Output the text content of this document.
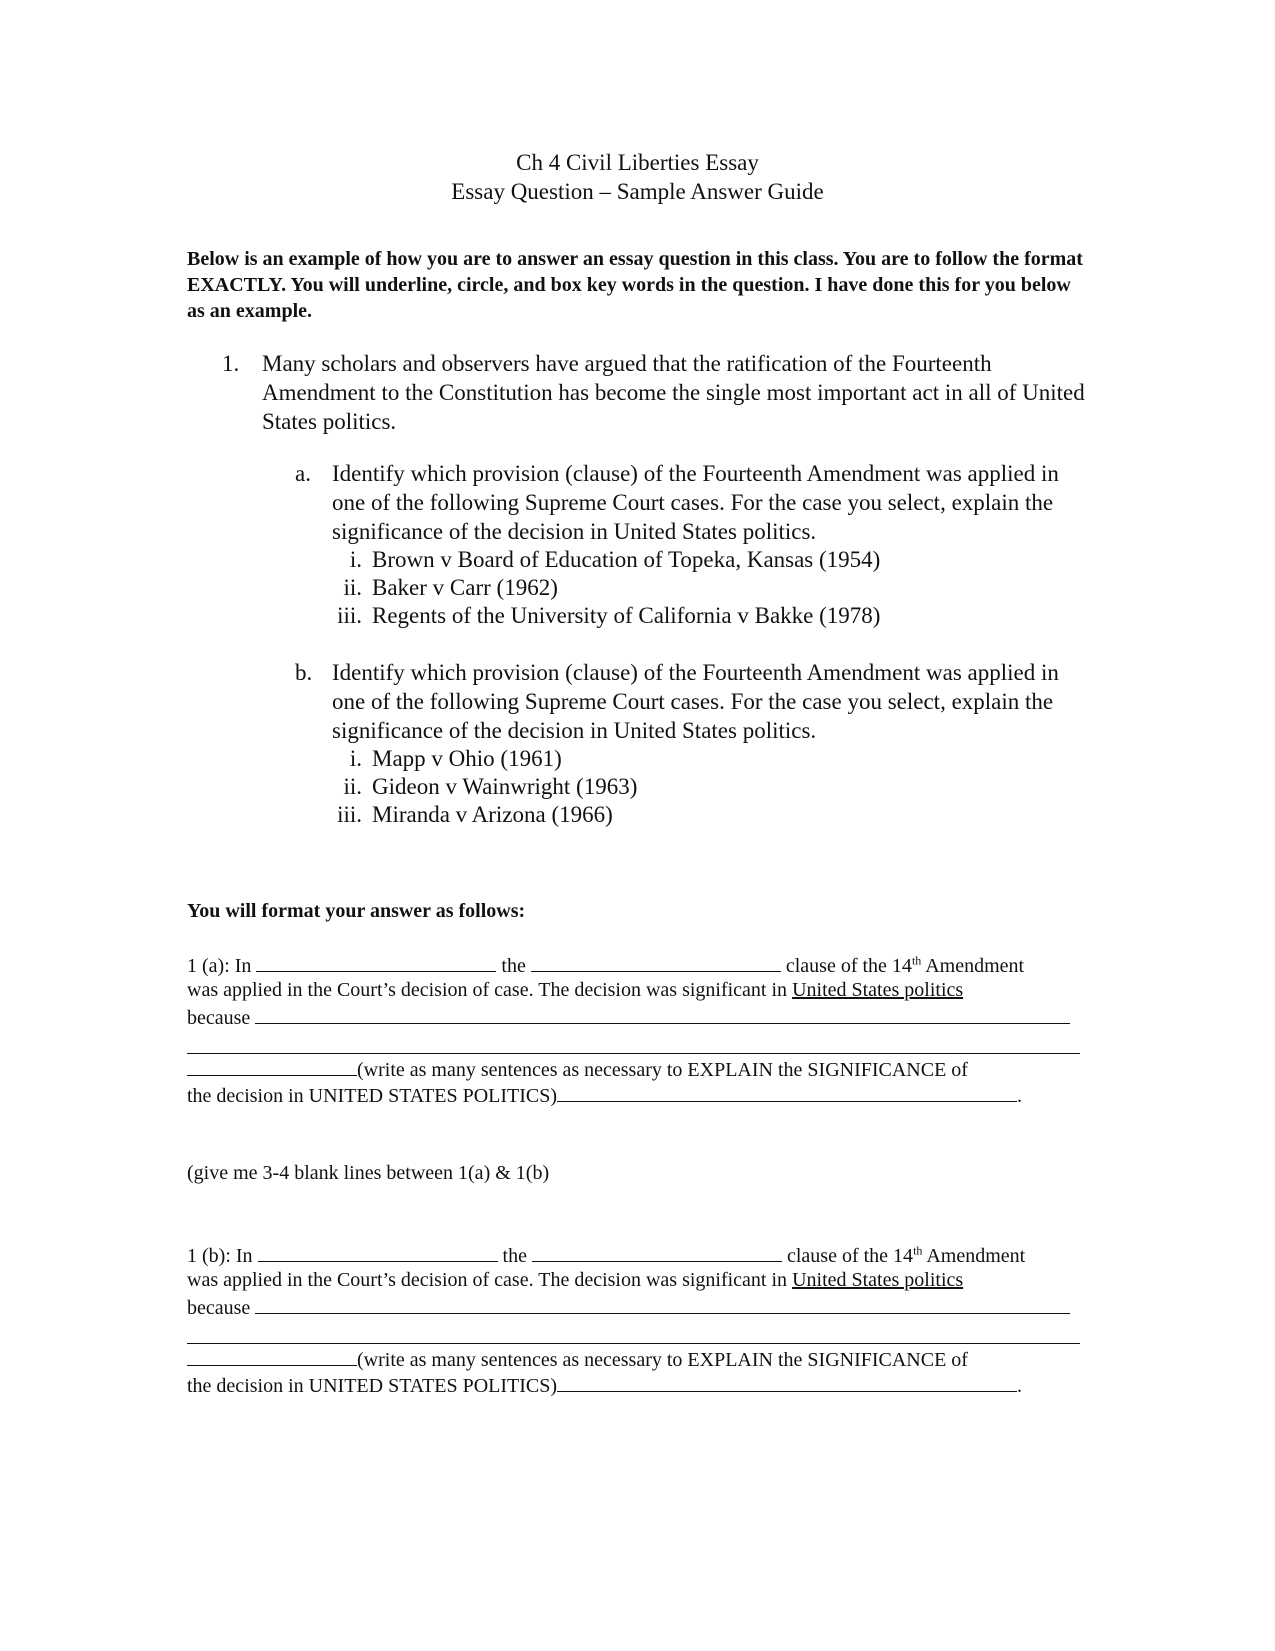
Ch 4 Civil Liberties Essay
Essay Question – Sample Answer Guide
Below is an example of how you are to answer an essay question in this class. You are to follow the format EXACTLY. You will underline, circle, and box key words in the question. I have done this for you below as an example.
1. Many scholars and observers have argued that the ratification of the Fourteenth Amendment to the Constitution has become the single most important act in all of United States politics.
a. Identify which provision (clause) of the Fourteenth Amendment was applied in one of the following Supreme Court cases. For the case you select, explain the significance of the decision in United States politics.
i. Brown v Board of Education of Topeka, Kansas (1954)
ii. Baker v Carr (1962)
iii. Regents of the University of California v Bakke (1978)
b. Identify which provision (clause) of the Fourteenth Amendment was applied in one of the following Supreme Court cases. For the case you select, explain the significance of the decision in United States politics.
i. Mapp v Ohio (1961)
ii. Gideon v Wainwright (1963)
iii. Miranda v Arizona (1966)
You will format your answer as follows:
1 (a): In	the	clause of the 14th Amendment
was applied in the Court’s decision of case. The decision was significant in United States politics
because
(write as many sentences as necessary to EXPLAIN the SIGNIFICANCE of
the decision in UNITED STATES POLITICS)	.
(give me 3-4 blank lines between 1(a) & 1(b)
1 (b): In	the	clause of the 14th Amendment
was applied in the Court’s decision of case. The decision was significant in United States politics
because
(write as many sentences as necessary to EXPLAIN the SIGNIFICANCE of
the decision in UNITED STATES POLITICS)	.
